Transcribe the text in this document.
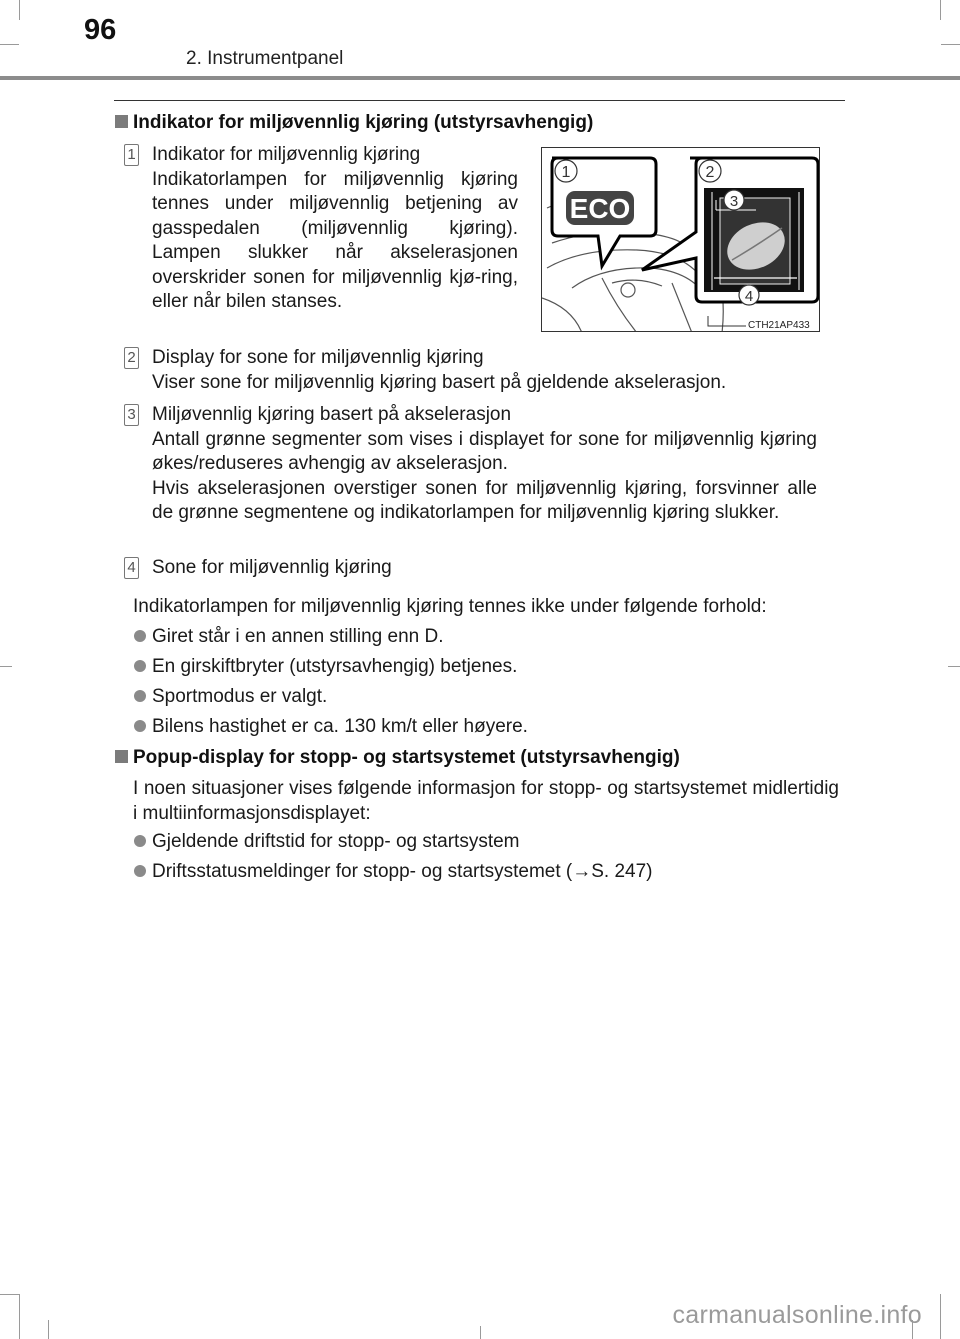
96
2. Instrumentpanel
Indikator for miljøvennlig kjøring (utstyrsavhengig)
1 Indikator for miljøvennlig kjøring
Indikatorlampen for miljøvennlig kjøring tennes under miljøvennlig betjening av gasspedalen (miljøvennlig kjøring). Lampen slukker når akselerasjonen overskrider sonen for miljøvennlig kjø-ring, eller når bilen stanses.
ECO
1	2
3
4
CTH21AP433
2 Display for sone for miljøvennlig kjøring
Viser sone for miljøvennlig kjøring basert på gjeldende akselerasjon.
3 Miljøvennlig kjøring basert på akselerasjon
Antall grønne segmenter som vises i displayet for sone for miljøvennlig kjøring økes/reduseres avhengig av akselerasjon.
Hvis akselerasjonen overstiger sonen for miljøvennlig kjøring, forsvinner alle de grønne segmentene og indikatorlampen for miljøvennlig kjøring slukker.
4 Sone for miljøvennlig kjøring
Indikatorlampen for miljøvennlig kjøring tennes ikke under følgende forhold:
Giret står i en annen stilling enn D.
En girskiftbryter (utstyrsavhengig) betjenes.
Sportmodus er valgt.
Bilens hastighet er ca. 130 km/t eller høyere.
Popup-display for stopp- og startsystemet (utstyrsavhengig)
I noen situasjoner vises følgende informasjon for stopp- og startsystemet midlertidig i multiinformasjonsdisplayet:
Gjeldende driftstid for stopp- og startsystem
Driftsstatusmeldinger for stopp- og startsystemet (→S. 247)
carmanualsonline.info
